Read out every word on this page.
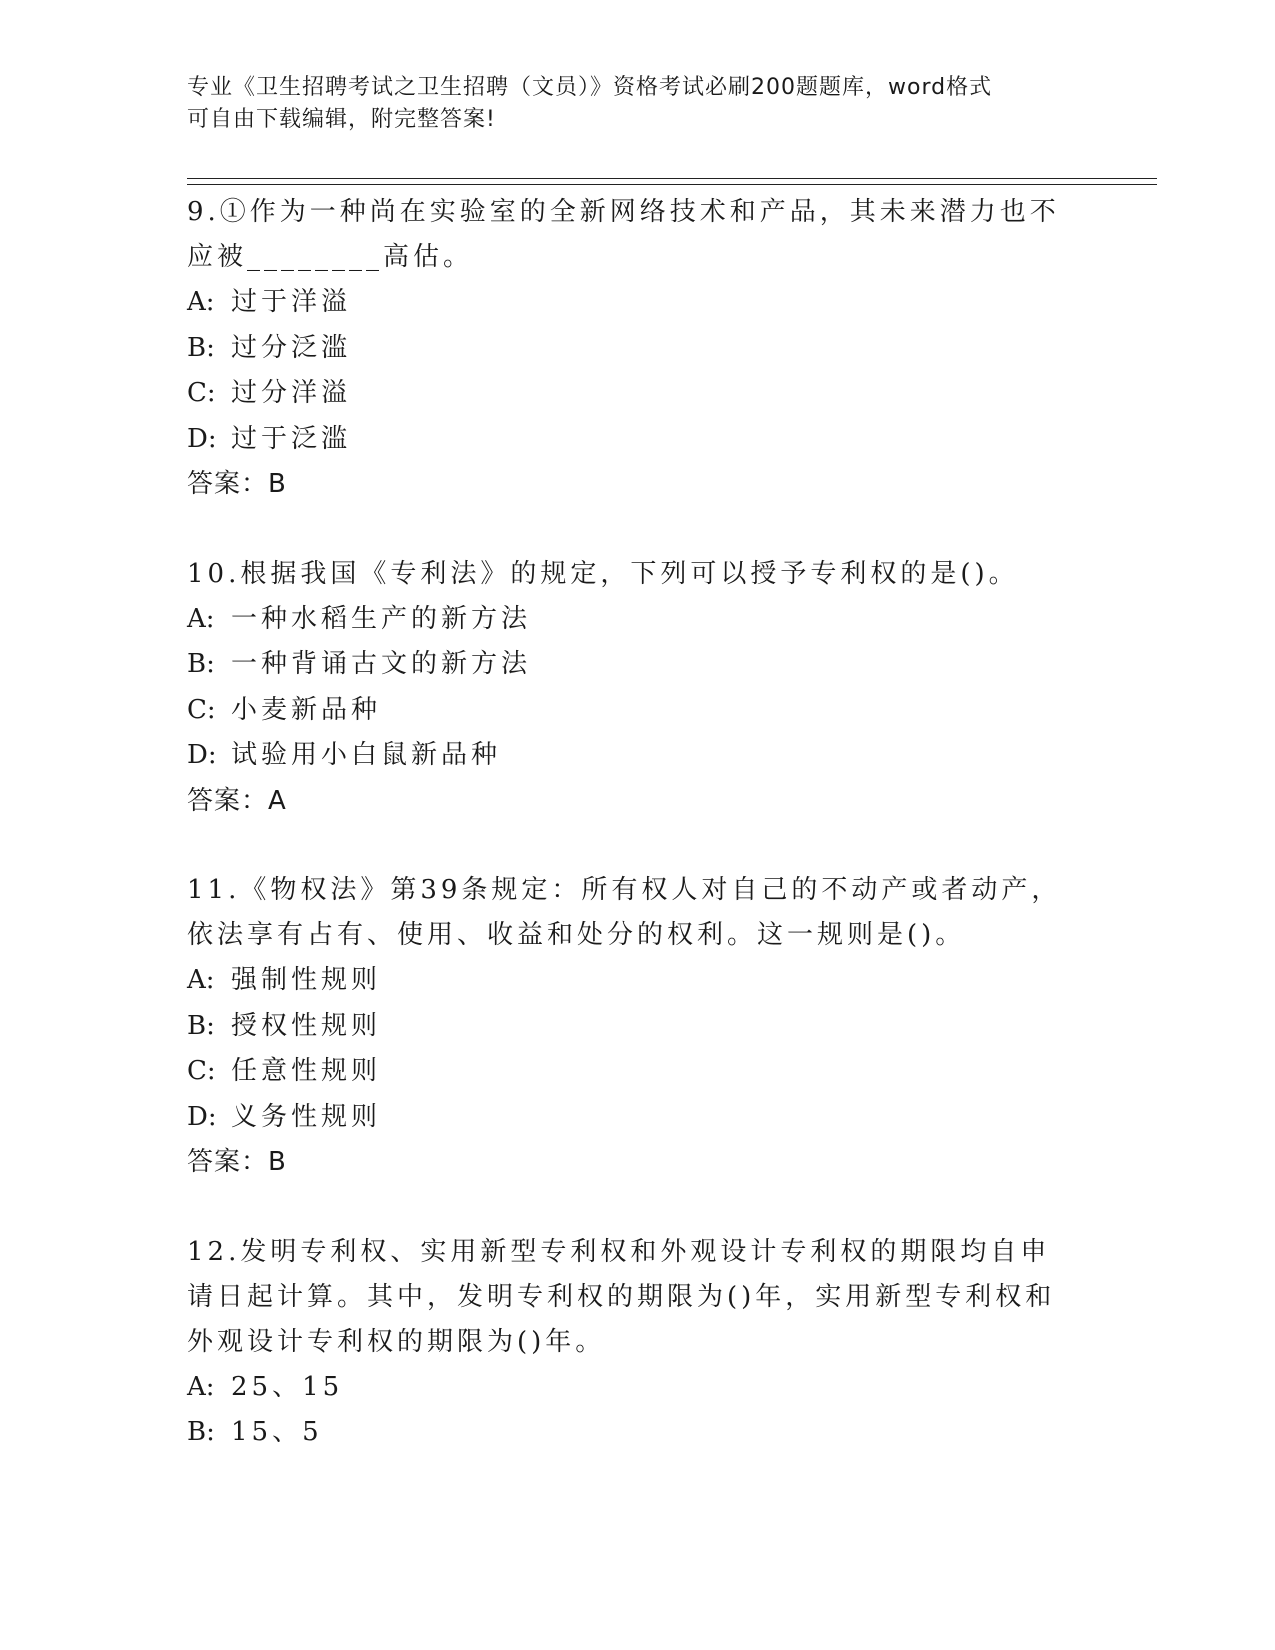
专业《卫生招聘考试之卫生招聘（文员）》资格考试必刷200题题库，word格式
可自由下载编辑，附完整答案!
9.①作为一种尚在实验室的全新网络技术和产品，其未来潜力也不应被________高估。
A: 过于洋溢
B: 过分泛滥
C: 过分洋溢
D: 过于泛滥
答案：B
10.根据我国《专利法》的规定，下列可以授予专利权的是()。
A: 一种水稻生产的新方法
B: 一种背诵古文的新方法
C: 小麦新品种
D: 试验用小白鼠新品种
答案：A
11.《物权法》第39条规定：所有权人对自己的不动产或者动产，依法享有占有、使用、收益和处分的权利。这一规则是()。
A: 强制性规则
B: 授权性规则
C: 任意性规则
D: 义务性规则
答案：B
12.发明专利权、实用新型专利权和外观设计专利权的期限均自申请日起计算。其中，发明专利权的期限为()年，实用新型专利权和外观设计专利权的期限为()年。
A: 25、15
B: 15、5
